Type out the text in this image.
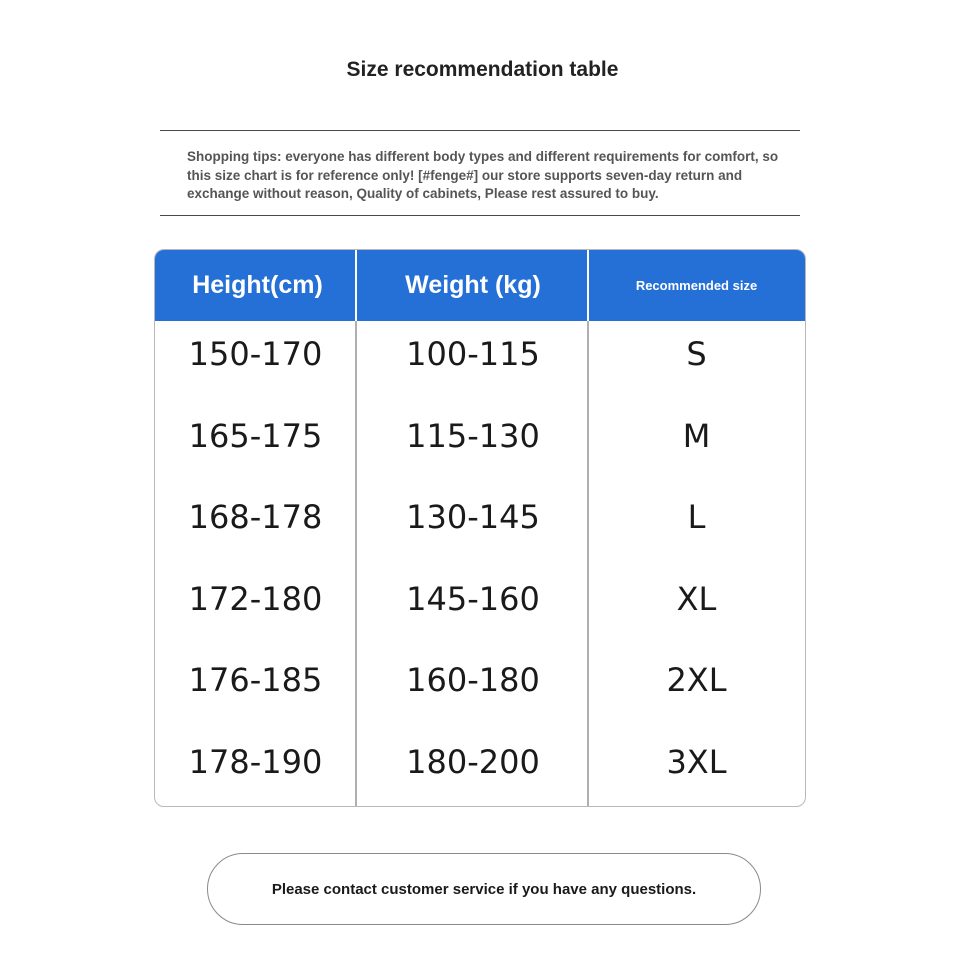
Size recommendation table
Shopping tips: everyone has different body types and different requirements for comfort, so this size chart is for reference only! [#fenge#] our store supports seven-day return and exchange without reason, Quality of cabinets, Please rest assured to buy.
Height(cm)	Weight (kg)	Recommended size
150-170	100-115	S
165-175	115-130	M
168-178	130-145	L
172-180	145-160	XL
176-185	160-180	2XL
178-190	180-200	3XL
Please contact customer service if you have any questions.
